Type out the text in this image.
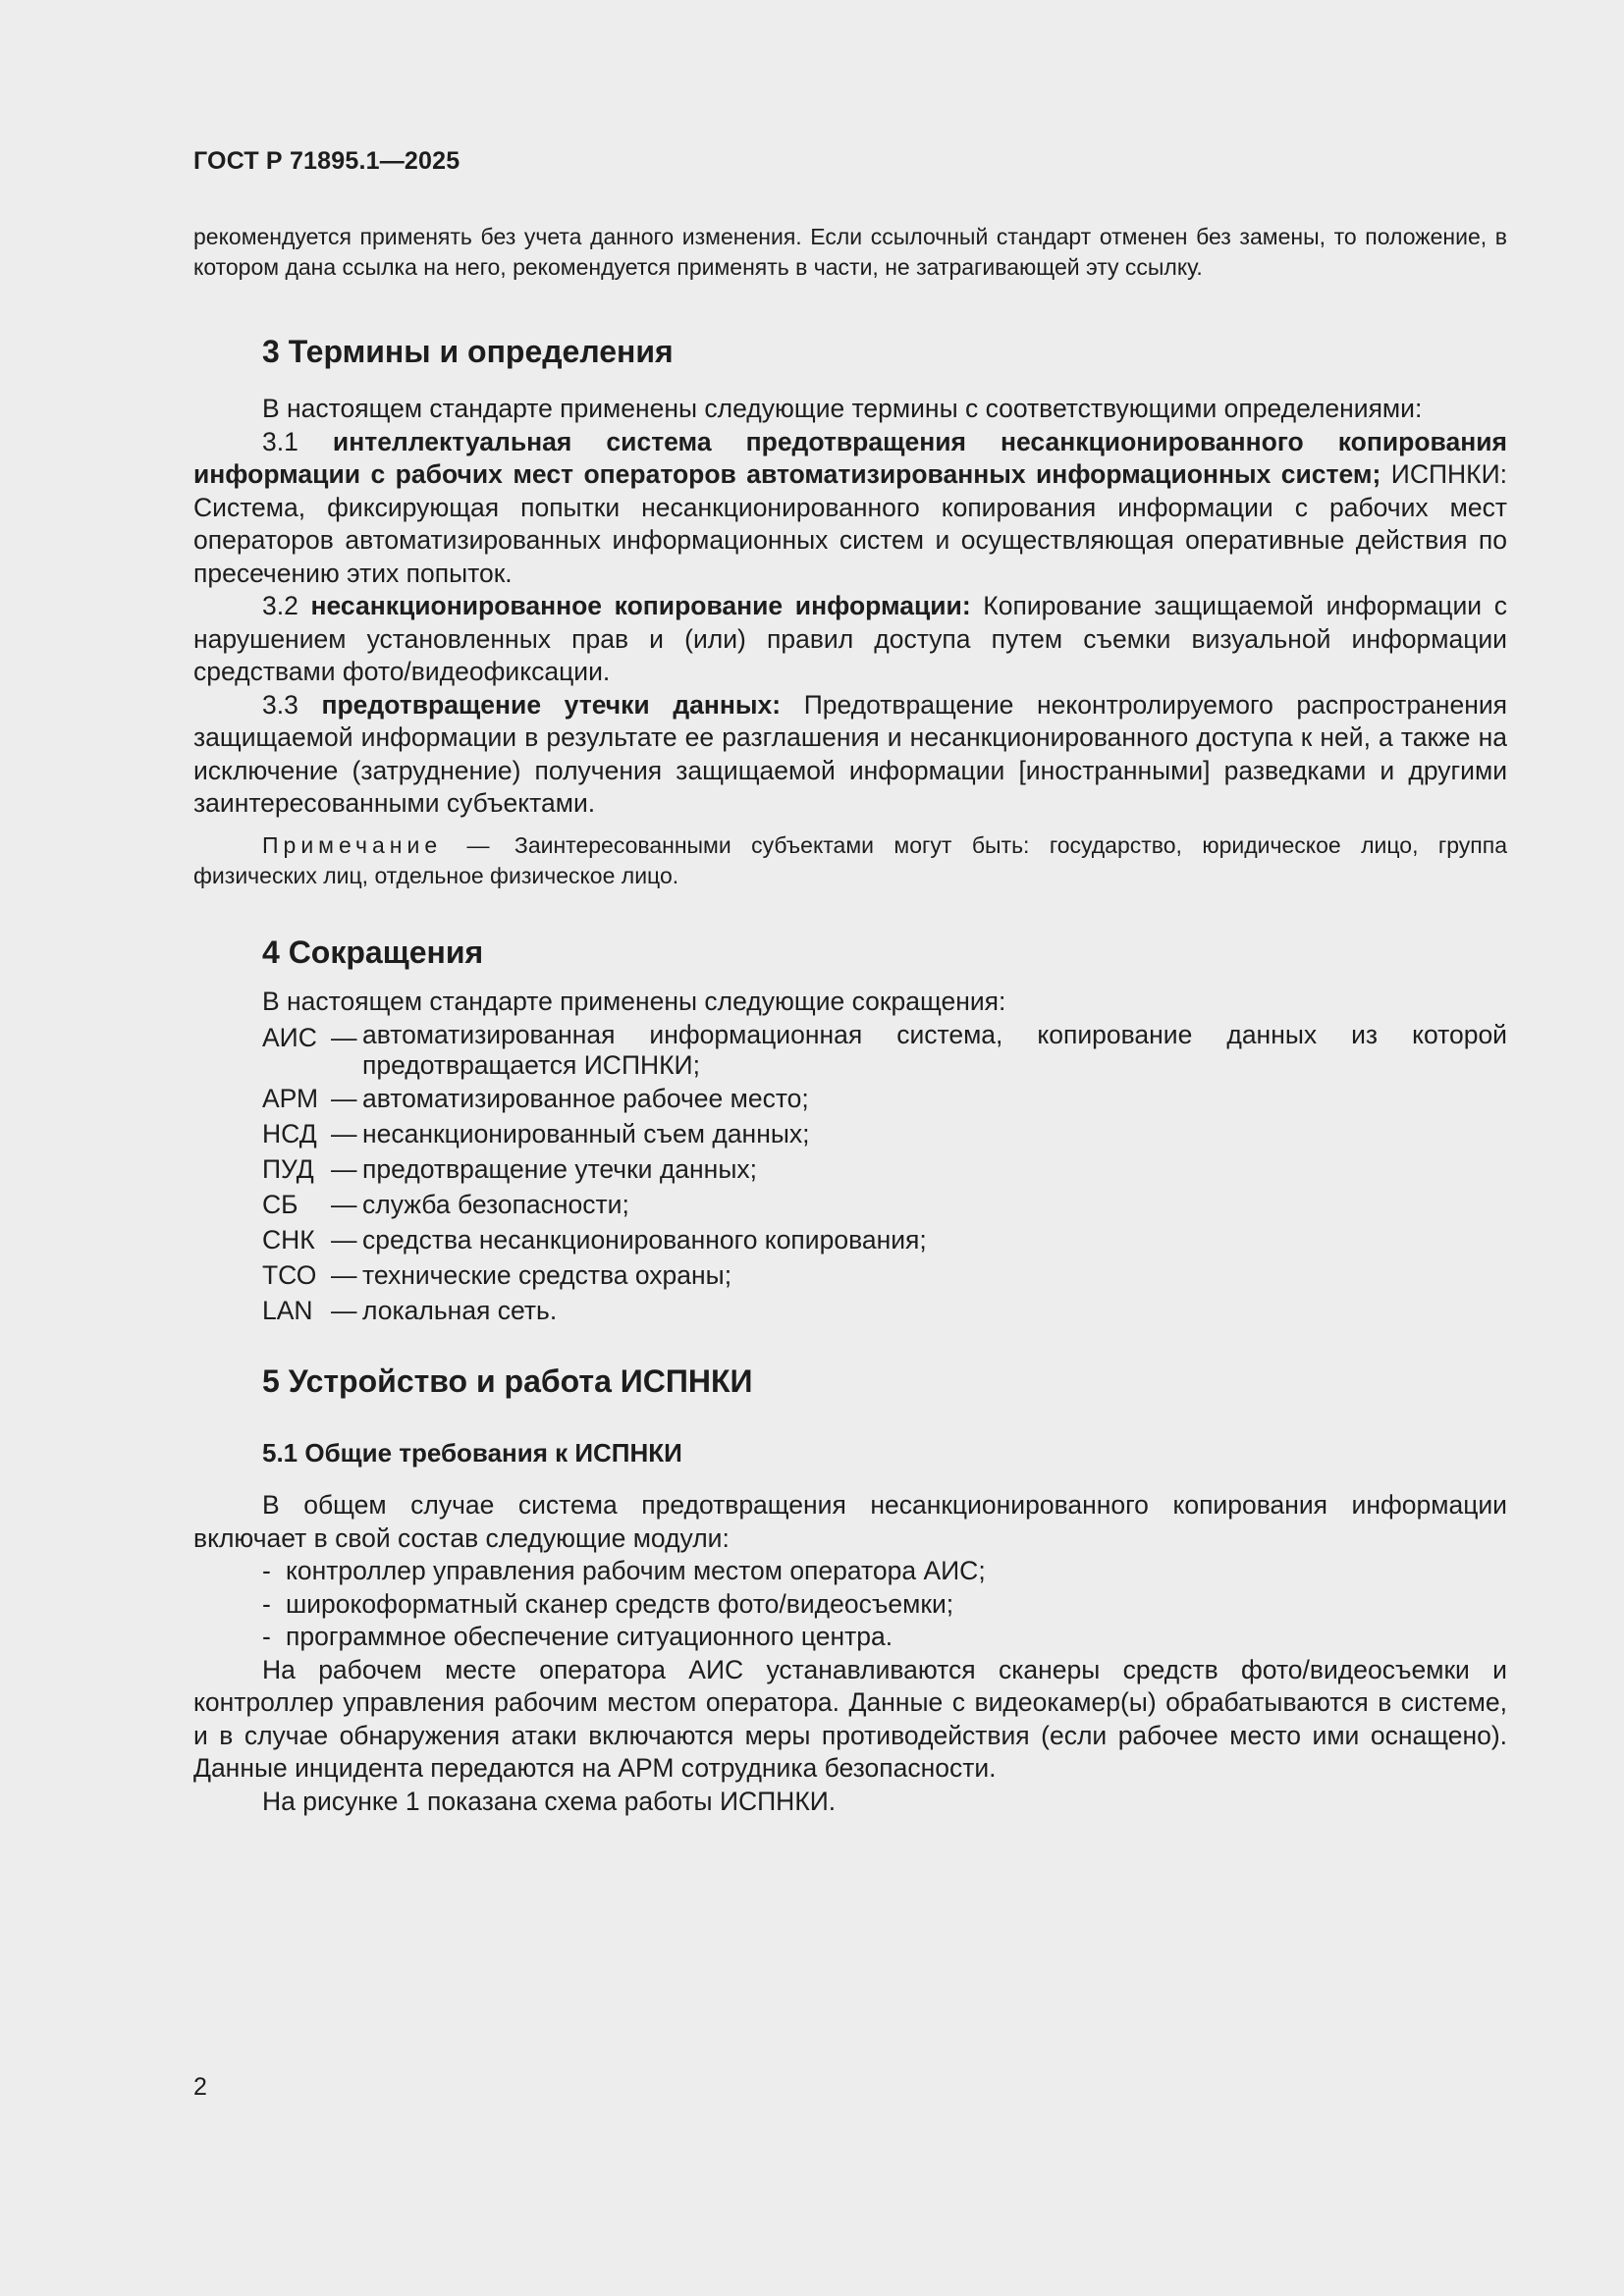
ГОСТ Р 71895.1—2025

рекомендуется применять без учета данного изменения. Если ссылочный стандарт отменен без замены, то положение, в котором дана ссылка на него, рекомендуется применять в части, не затрагивающей эту ссылку.

3 Термины и определения

В настоящем стандарте применены следующие термины с соответствующими определениями:

3.1 интеллектуальная система предотвращения несанкционированного копирования информации с рабочих мест операторов автоматизированных информационных систем; ИСПНКИ: Система, фиксирующая попытки несанкционированного копирования информации с рабочих мест операторов автоматизированных информационных систем и осуществляющая оперативные действия по пресечению этих попыток.

3.2 несанкционированное копирование информации: Копирование защищаемой информации с нарушением установленных прав и (или) правил доступа путем съемки визуальной информации средствами фото/видеофиксации.

3.3 предотвращение утечки данных: Предотвращение неконтролируемого распространения защищаемой информации в результате ее разглашения и несанкционированного доступа к ней, а также на исключение (затруднение) получения защищаемой информации [иностранными] разведками и другими заинтересованными субъектами.

Примечание — Заинтересованными субъектами могут быть: государство, юридическое лицо, группа физических лиц, отдельное физическое лицо.

4 Сокращения

В настоящем стандарте применены следующие сокращения:

АИС — автоматизированная информационная система, копирование данных из которой предотвращается ИСПНКИ;
АРМ — автоматизированное рабочее место;
НСД — несанкционированный съем данных;
ПУД — предотвращение утечки данных;
СБ	— служба безопасности;
СНК — средства несанкционированного копирования;
ТСО — технические средства охраны;
LAN — локальная сеть.
5 Устройство и работа ИСПНКИ
5.1 Общие требования к ИСПНКИ

В общем случае система предотвращения несанкционированного копирования информации включает в свой состав следующие модули:

- контроллер управления рабочим местом оператора АИС;
- широкоформатный сканер средств фото/видеосъемки;
- программное обеспечение ситуационного центра.

На рабочем месте оператора АИС устанавливаются сканеры средств фото/видеосъемки и контроллер управления рабочим местом оператора. Данные с видеокамер(ы) обрабатываются в системе, и в случае обнаружения атаки включаются меры противодействия (если рабочее место ими оснащено). Данные инцидента передаются на АРМ сотрудника безопасности.

На рисунке 1 показана схема работы ИСПНКИ.

2
